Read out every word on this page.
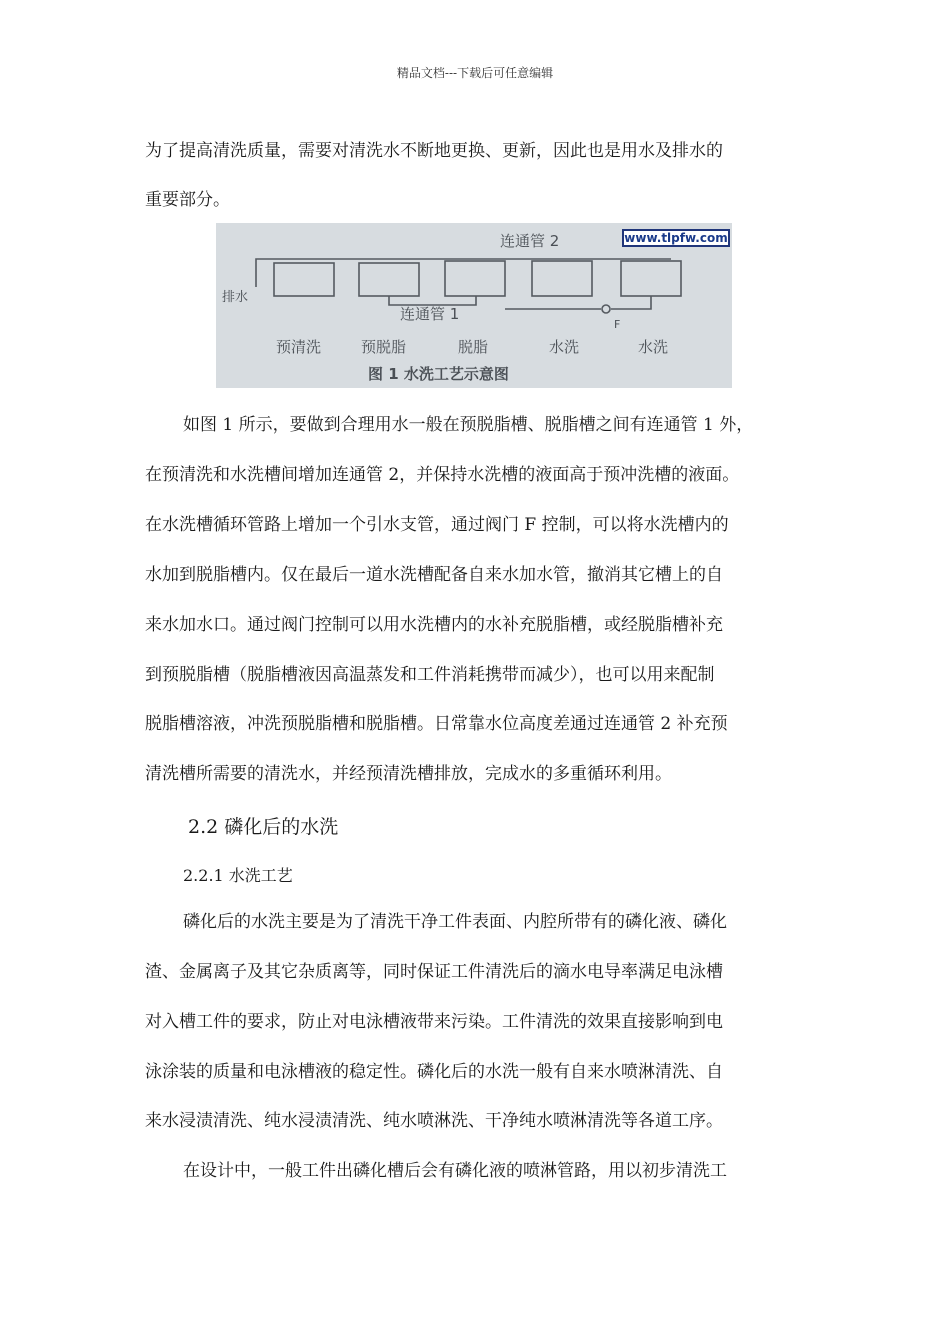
精品文档---下载后可任意编辑
为了提高清洗质量，需要对清洗水不断地更换、更新，因此也是用水及排水的
重要部分。
www.tlpfw.com
连通管 2
连通管 1
排水
F
预清洗	预脱脂	脱脂	水洗	水洗
图 1 水洗工艺示意图
如图 1 所示，要做到合理用水一般在预脱脂槽、脱脂槽之间有连通管 1 外，
在预清洗和水洗槽间增加连通管 2，并保持水洗槽的液面高于预冲洗槽的液面。
在水洗槽循环管路上增加一个引水支管，通过阀门 F 控制，可以将水洗槽内的
水加到脱脂槽内。仅在最后一道水洗槽配备自来水加水管，撤消其它槽上的自
来水加水口。通过阀门控制可以用水洗槽内的水补充脱脂槽，或经脱脂槽补充
到预脱脂槽（脱脂槽液因高温蒸发和工件消耗携带而减少），也可以用来配制
脱脂槽溶液，冲洗预脱脂槽和脱脂槽。日常靠水位高度差通过连通管 2 补充预
清洗槽所需要的清洗水，并经预清洗槽排放，完成水的多重循环利用。
2.2 磷化后的水洗
2.2.1 水洗工艺
磷化后的水洗主要是为了清洗干净工件表面、内腔所带有的磷化液、磷化
渣、金属离子及其它杂质离等，同时保证工件清洗后的滴水电导率满足电泳槽
对入槽工件的要求，防止对电泳槽液带来污染。工件清洗的效果直接影响到电
泳涂装的质量和电泳槽液的稳定性。磷化后的水洗一般有自来水喷淋清洗、自
来水浸渍清洗、纯水浸渍清洗、纯水喷淋洗、干净纯水喷淋清洗等各道工序。
在设计中，一般工件出磷化槽后会有磷化液的喷淋管路，用以初步清洗工
